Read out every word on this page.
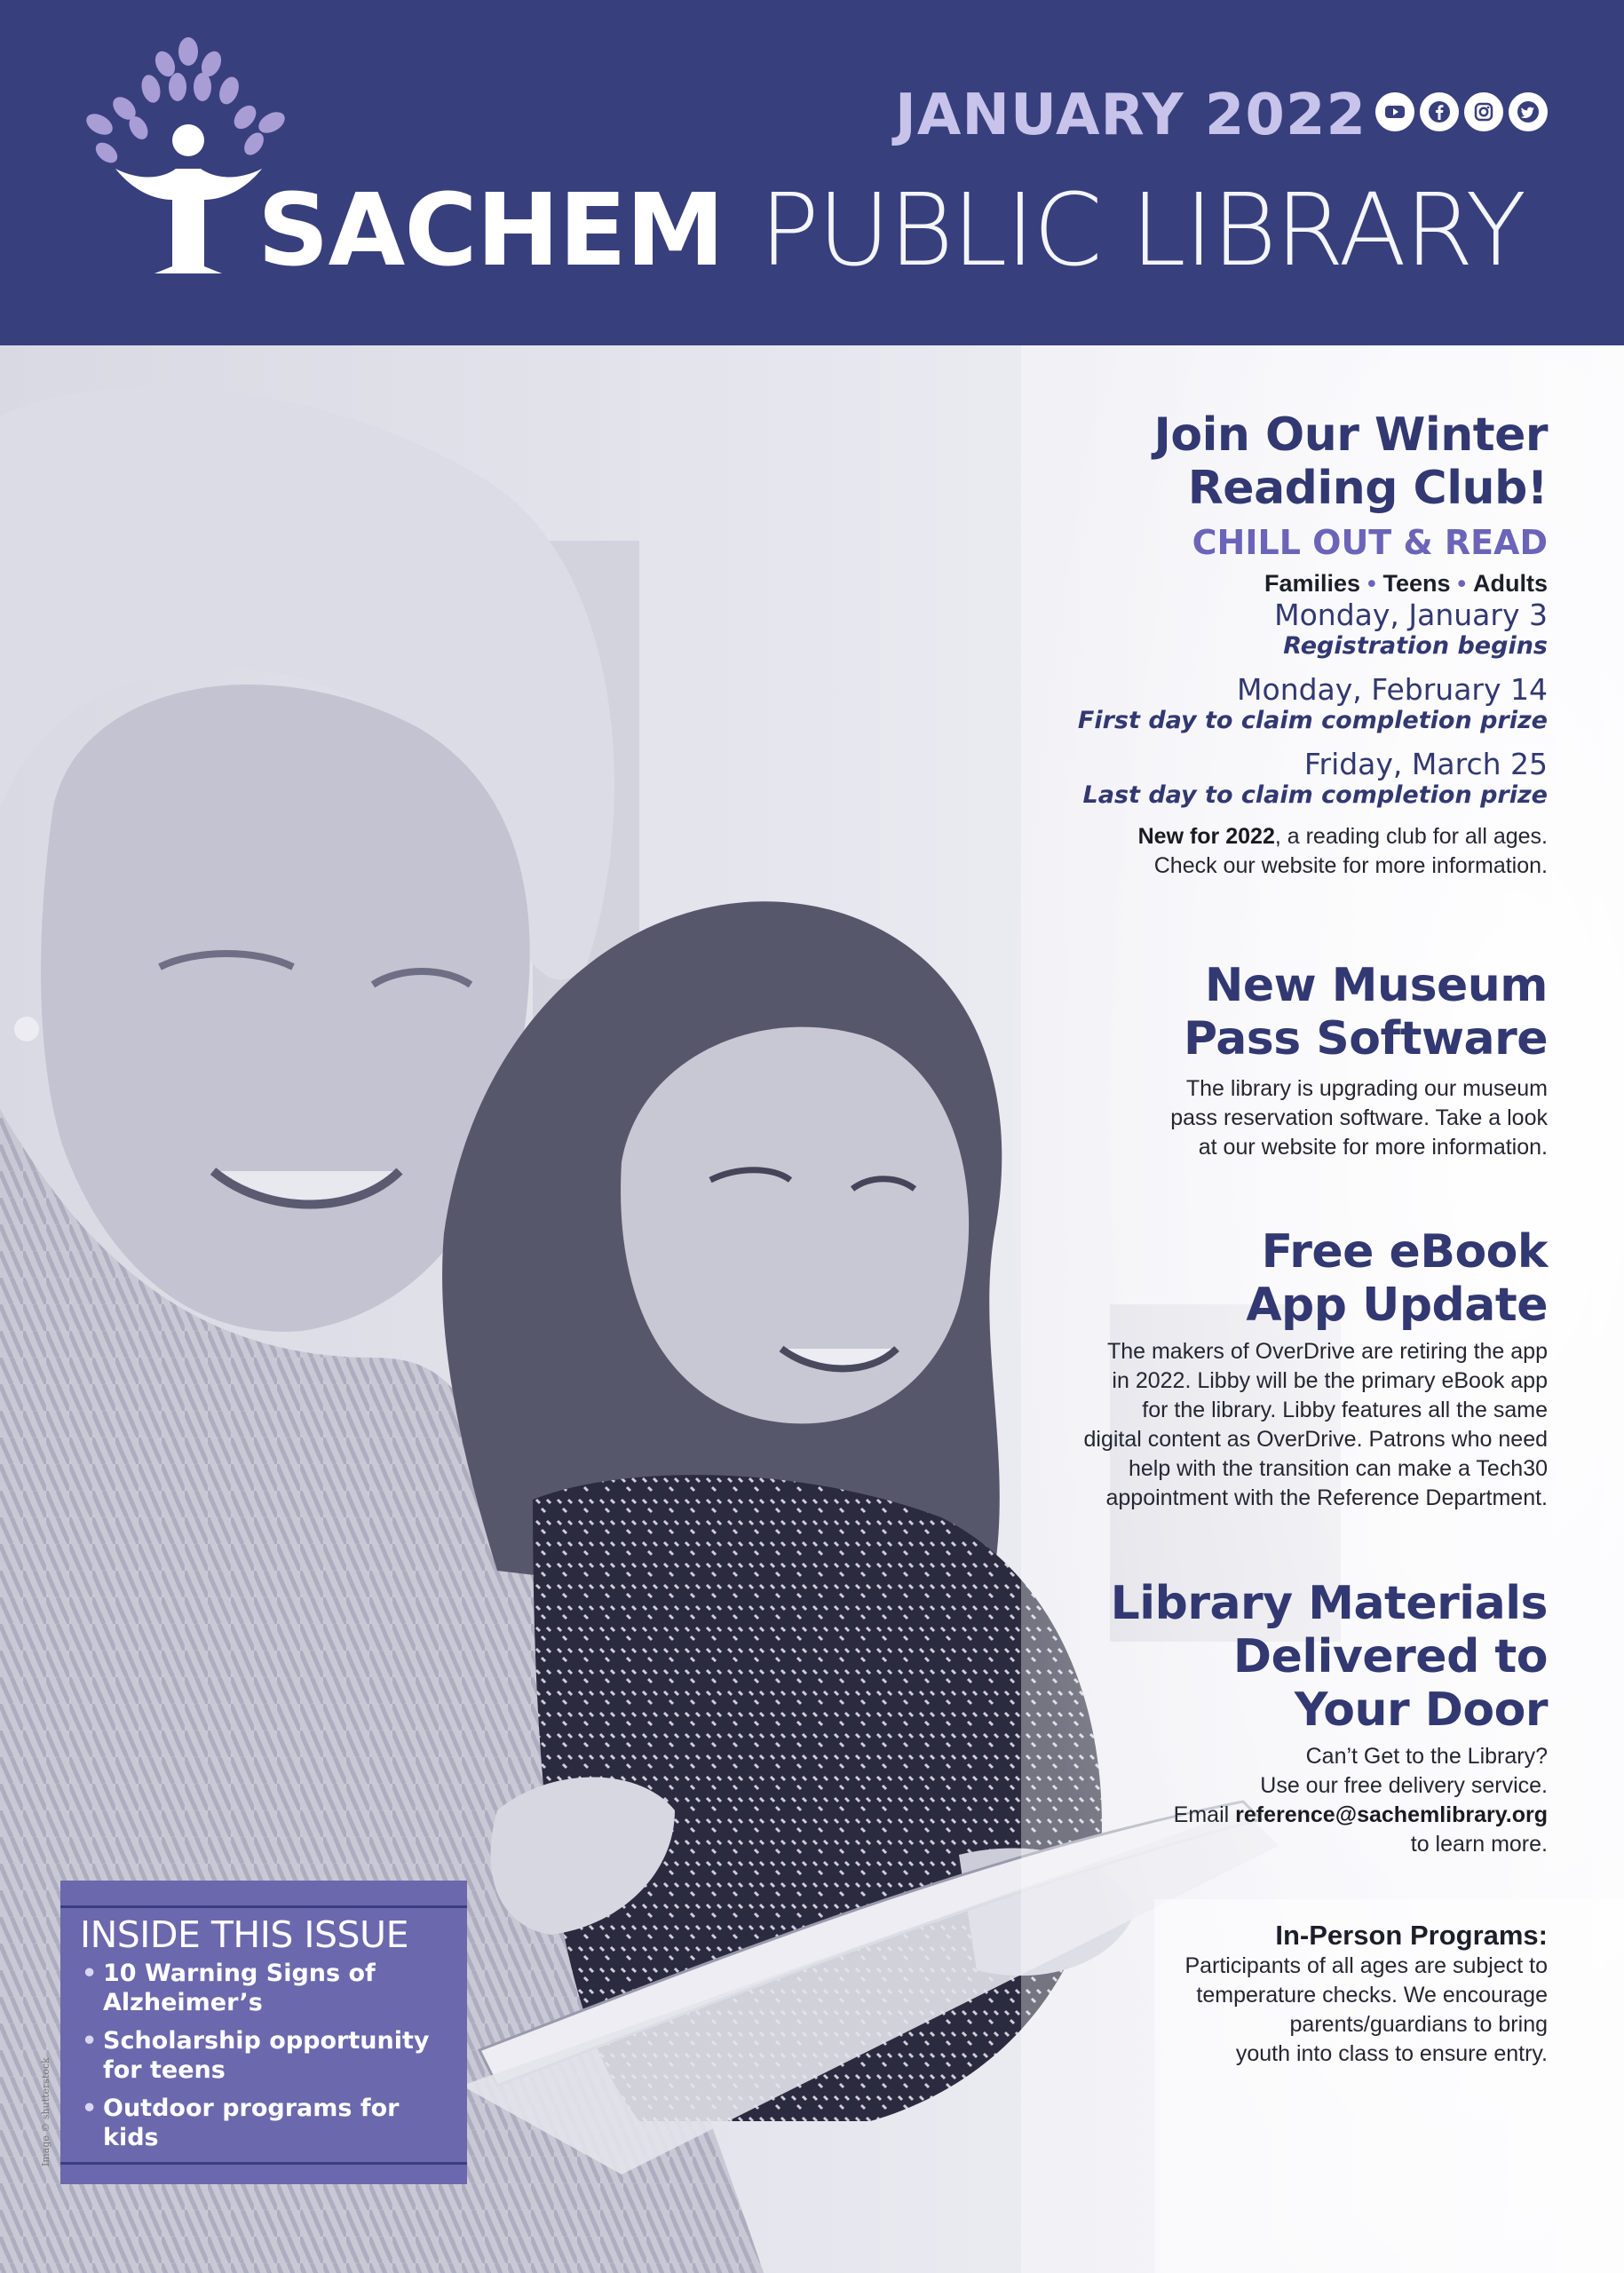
JANUARY 2022
SACHEM PUBLIC LIBRARY
Image © shutterstock
Join Our Winter
Reading Club!
CHILL OUT & READ
Families • Teens • Adults
Monday, January 3
Registration begins
Monday, February 14
First day to claim completion prize
Friday, March 25
Last day to claim completion prize
New for 2022, a reading club for all ages.
Check our website for more information.
New Museum
Pass Software
The library is upgrading our museum
pass reservation software. Take a look
at our website for more information.
Free eBook
App Update
The makers of OverDrive are retiring the app
in 2022. Libby will be the primary eBook app
for the library. Libby features all the same
digital content as OverDrive. Patrons who need
help with the transition can make a Tech30
appointment with the Reference Department.
Library Materials
Delivered to
Your Door
Can’t Get to the Library?
Use our free delivery service.
Email reference@sachemlibrary.org
to learn more.
In-Person Programs:
Participants of all ages are subject to
temperature checks. We encourage
parents/guardians to bring
youth into class to ensure entry.
INSIDE THIS ISSUE
• 10 Warning Signs of
Alzheimer’s
• Scholarship opportunity
for teens
• Outdoor programs for kids
